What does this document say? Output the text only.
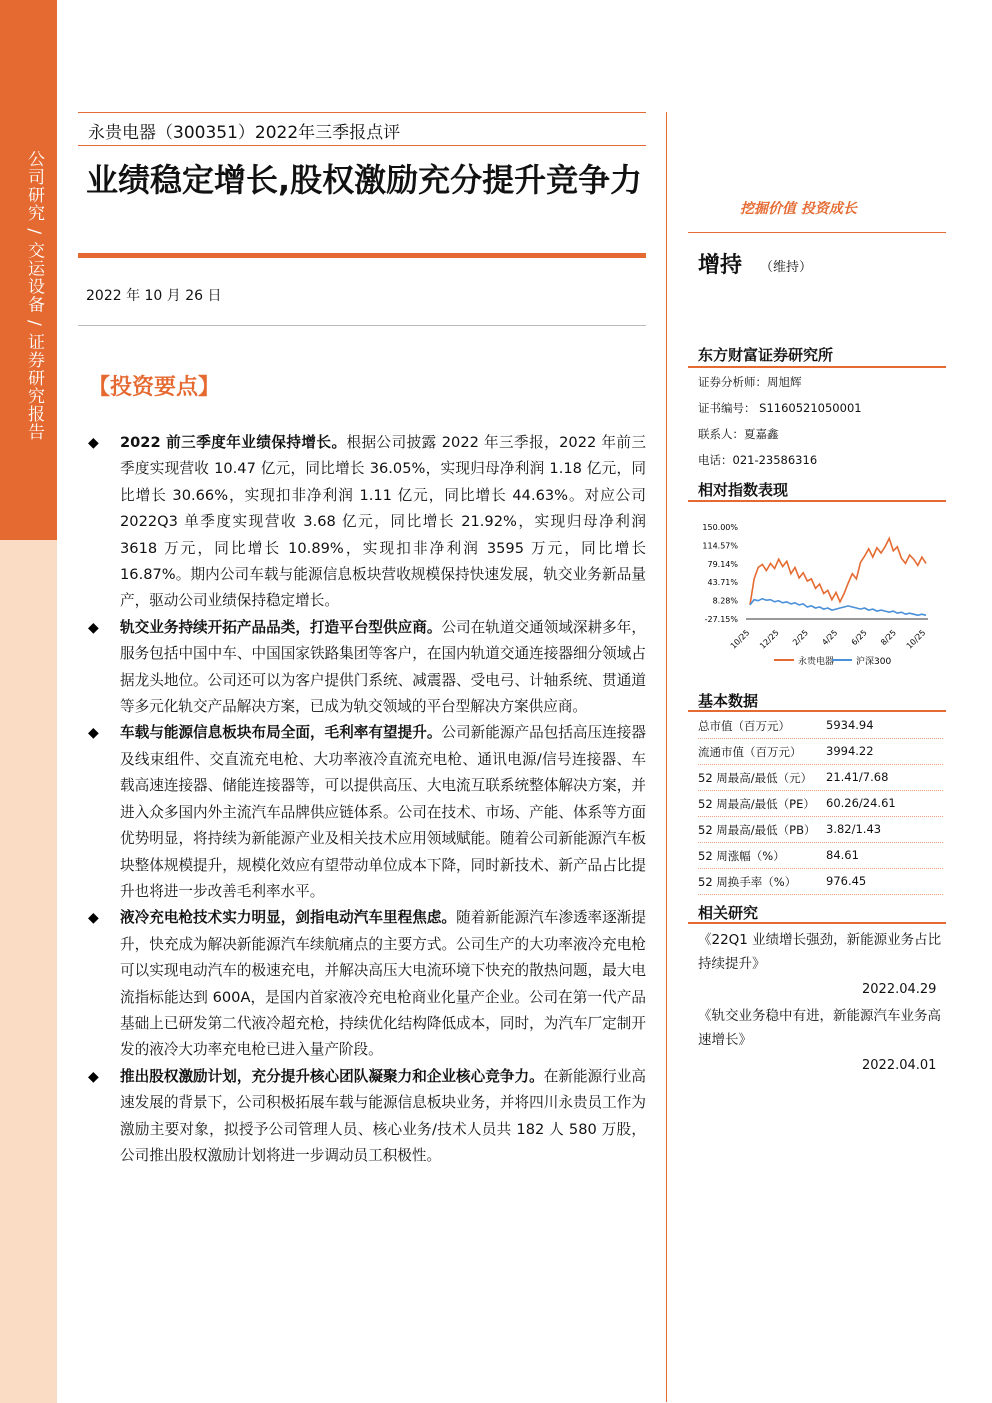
公司研究 / 交运设备 / 证券研究报告
永贵电器（300351）2022年三季报点评
业绩稳定增长,股权激励充分提升竞争力
2022 年 10 月 26 日
【投资要点】
◆ 2022 前三季度年业绩保持增长。根据公司披露 2022 年三季报，2022 年前三季度实现营收 10.47 亿元，同比增长 36.05%，实现归母净利润 1.18 亿元，同比增长 30.66%，实现扣非净利润 1.11 亿元，同比增长 44.63%。对应公司 2022Q3 单季度实现营收 3.68 亿元，同比增长 21.92%，实现归母净利润 3618 万元，同比增长 10.89%，实现扣非净利润 3595 万元，同比增长 16.87%。期内公司车载与能源信息板块营收规模保持快速发展，轨交业务新品量产，驱动公司业绩保持稳定增长。
◆ 轨交业务持续开拓产品品类，打造平台型供应商。公司在轨道交通领域深耕多年，服务包括中国中车、中国国家铁路集团等客户，在国内轨道交通连接器细分领域占据龙头地位。公司还可以为客户提供门系统、减震器、受电弓、计轴系统、贯通道等多元化轨交产品解决方案，已成为轨交领域的平台型解决方案供应商。
◆ 车载与能源信息板块布局全面，毛利率有望提升。公司新能源产品包括高压连接器及线束组件、交直流充电枪、大功率液冷直流充电枪、通讯电源/信号连接器、车载高速连接器、储能连接器等，可以提供高压、大电流互联系统整体解决方案，并进入众多国内外主流汽车品牌供应链体系。公司在技术、市场、产能、体系等方面优势明显，将持续为新能源产业及相关技术应用领域赋能。随着公司新能源汽车板块整体规模提升，规模化效应有望带动单位成本下降，同时新技术、新产品占比提升也将进一步改善毛利率水平。
◆ 液冷充电枪技术实力明显，剑指电动汽车里程焦虑。随着新能源汽车渗透率逐渐提升，快充成为解决新能源汽车续航痛点的主要方式。公司生产的大功率液冷充电枪可以实现电动汽车的极速充电，并解决高压大电流环境下快充的散热问题，最大电流指标能达到 600A，是国内首家液冷充电枪商业化量产企业。公司在第一代产品基础上已研发第二代液冷超充枪，持续优化结构降低成本，同时，为汽车厂定制开发的液冷大功率充电枪已进入量产阶段。
◆ 推出股权激励计划，充分提升核心团队凝聚力和企业核心竞争力。在新能源行业高速发展的背景下，公司积极拓展车载与能源信息板块业务，并将四川永贵员工作为激励主要对象，拟授予公司管理人员、核心业务/技术人员共 182 人 580 万股，公司推出股权激励计划将进一步调动员工积极性。
挖掘价值 投资成长
增持 （维持）
东方财富证券研究所
证券分析师：周旭辉
证书编号： S1160521050001
联系人：夏嘉鑫
电话：021-23586316
相对指数表现
150.00%
114.57%
79.14%
43.71%
8.28%
-27.15%
10/25 12/25 2/25 4/25 6/25 8/25 10/25
永贵电器 沪深300
基本数据
总市值（百万元）	5934.94
流通市值（百万元） 3994.22
52 周最高/最低（元） 21.41/7.68
52 周最高/最低（PE） 60.26/24.61
52 周最高/最低（PB） 3.82/1.43
52 周涨幅（%）	84.61
52 周换手率（%）	976.45
相关研究
《22Q1 业绩增长强劲，新能源业务占比持续提升》
2022.04.29
《轨交业务稳中有进，新能源汽车业务高速增长》
2022.04.01
